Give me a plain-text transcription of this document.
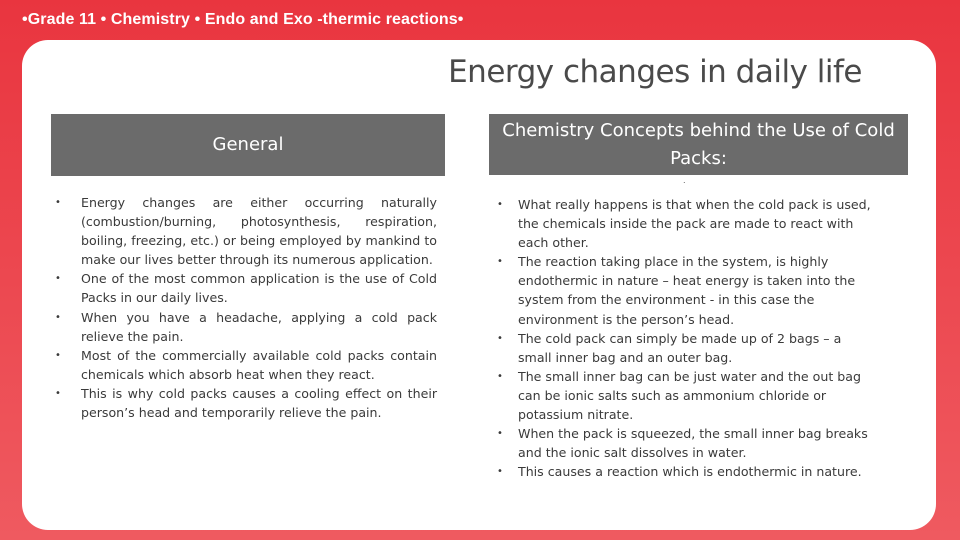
•Grade 11 • Chemistry • Endo and Exo -thermic reactions•
Energy changes in daily life
General
Chemistry Concepts behind the Use of Cold Packs:
.
• Energy changes are either occurring naturally (combustion/burning, photosynthesis, respiration, boiling, freezing, etc.) or being employed by mankind to make our lives better through its numerous application.
• One of the most common application is the use of Cold Packs in our daily lives.
• When you have a headache, applying a cold pack relieve the pain.
• Most of the commercially available cold packs contain chemicals which absorb heat when they react.
• This is why cold packs causes a cooling effect on their person’s head and temporarily relieve the pain.
• What really happens is that when the cold pack is used, the chemicals inside the pack are made to react with each other.
• The reaction taking place in the system, is highly endothermic in nature – heat energy is taken into the system from the environment - in this case the environment is the person’s head.
• The cold pack can simply be made up of 2 bags – a small inner bag and an outer bag.
• The small inner bag can be just water and the out bag can be ionic salts such as ammonium chloride or potassium nitrate.
• When the pack is squeezed, the small inner bag breaks and the ionic salt dissolves in water.
• This causes a reaction which is endothermic in nature.
